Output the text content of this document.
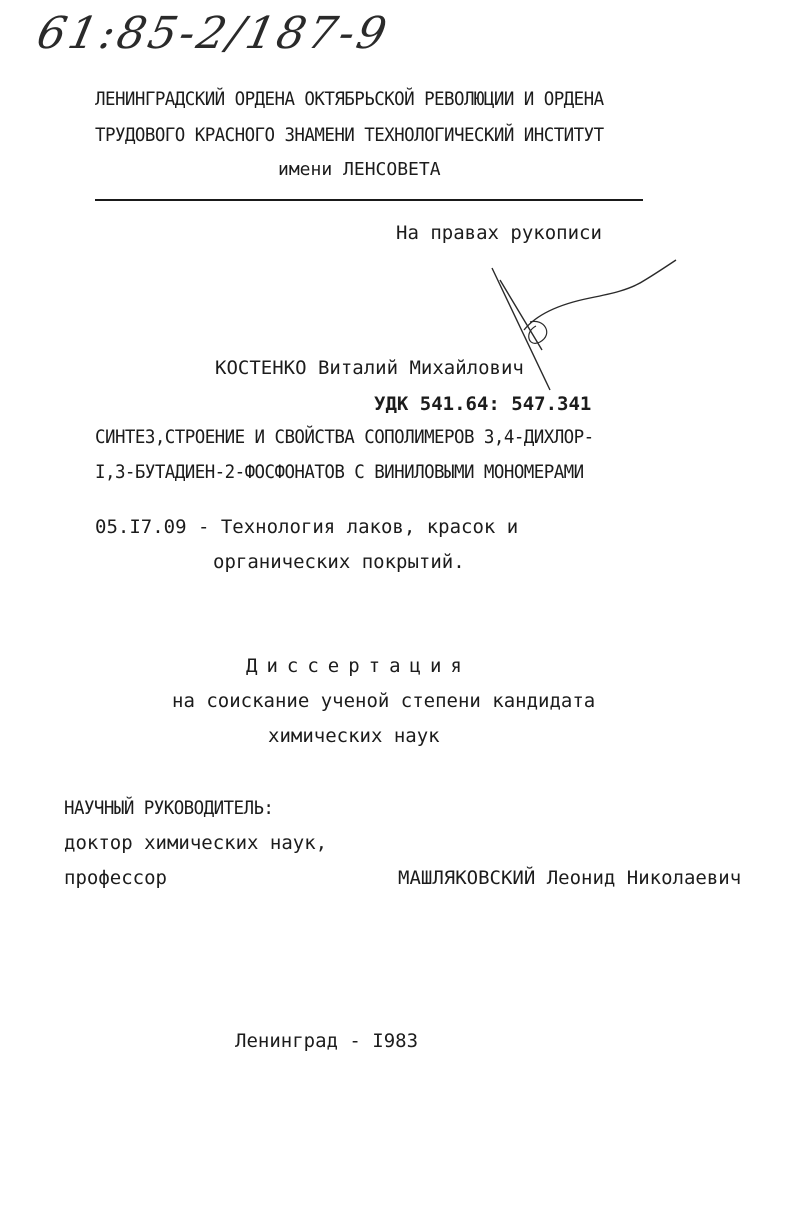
61:85-2/187-9
ЛЕНИНГРАДСКИЙ ОРДЕНА ОКТЯБРЬСКОЙ РЕВОЛЮЦИИ И ОРДЕНА
ТРУДОВОГО КРАСНОГО ЗНАМЕНИ ТЕХНОЛОГИЧЕСКИЙ ИНСТИТУТ
имени ЛЕНСОВЕТА
На правах рукописи
КОСТЕНКО Виталий Михайлович
УДК 541.64: 547.341
СИНТЕЗ,СТРОЕНИЕ И СВОЙСТВА СОПОЛИМЕРОВ 3,4-ДИХЛОР-
I,3-БУТАДИЕН-2-ФОСФОНАТОВ С ВИНИЛОВЫМИ МОНОМЕРАМИ
05.I7.09 - Технология лаков, красок и
органических покрытий.
Диссертация
на соискание ученой степени кандидата
химических наук
НАУЧНЫЙ РУКОВОДИТЕЛЬ:
доктор химических наук,
профессор	МАШЛЯКОВСКИЙ Леонид Николаевич
Ленинград - I983
